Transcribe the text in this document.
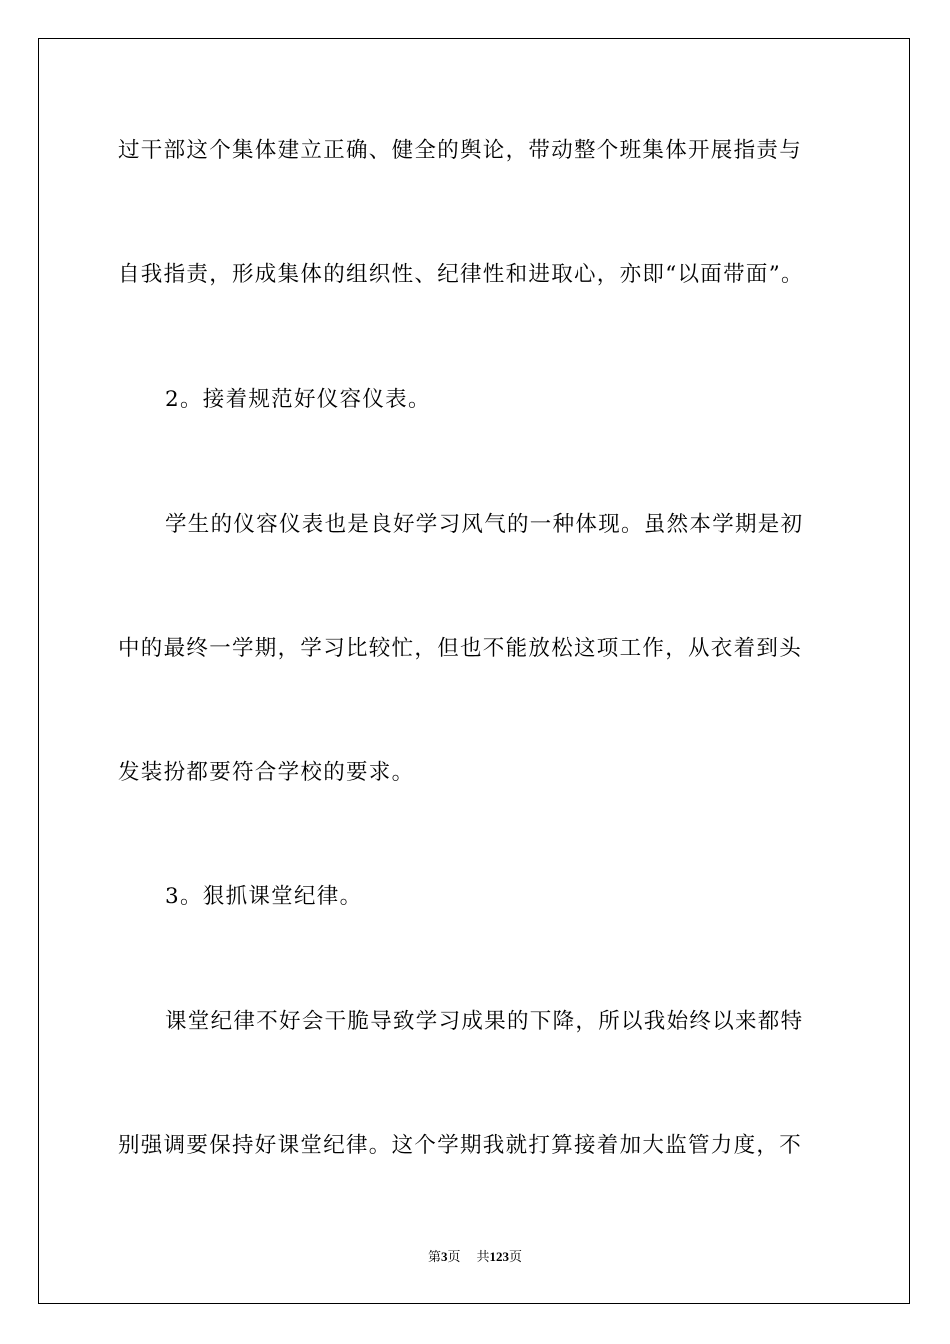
过干部这个集体建立正确、健全的舆论，带动整个班集体开展指责与
自我指责，形成集体的组织性、纪律性和进取心，亦即“以面带面”。
2。接着规范好仪容仪表。
学生的仪容仪表也是良好学习风气的一种体现。虽然本学期是初
中的最终一学期，学习比较忙，但也不能放松这项工作，从衣着到头
发装扮都要符合学校的要求。
3。狠抓课堂纪律。
课堂纪律不好会干脆导致学习成果的下降，所以我始终以来都特
别强调要保持好课堂纪律。这个学期我就打算接着加大监管力度，不
第3页 共123页
